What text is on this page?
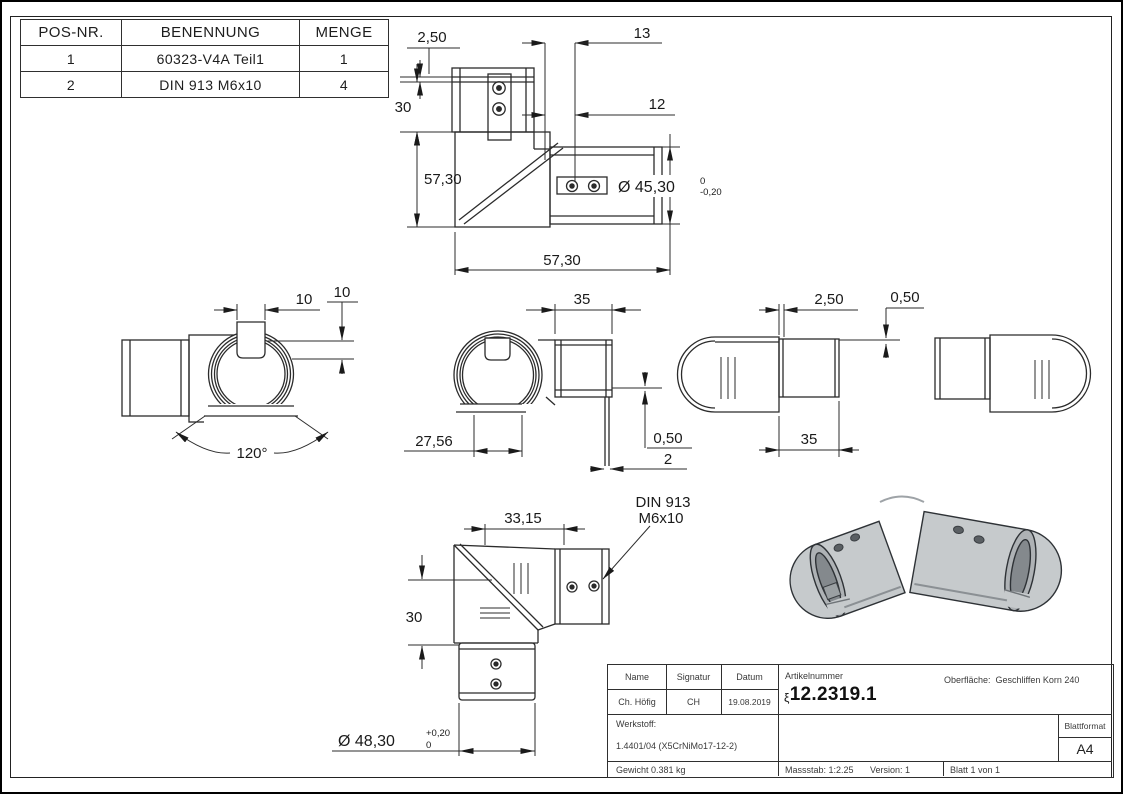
POS-NR.	BENENNUNG	MENGE
1	60323-V4A Teil1	1
2	DIN 913 M6x10	4
2,50	13
30	12
57,30	Ø 45,30	0
-0,20
57,30
10 10
120°
35
27,56	0,50
2
2,50	0,50
35
33,15
30
Ø 48,30	+0,20
0
DIN 913
M6x10
Name	Signatur	Datum
Ch. Höfig	CH	19.08.2019
Artikelnummer
ξ12.2319.1
Oberfläche: Geschliffen Korn 240
Werkstoff:
1.4401/04 (X5CrNiMo17-12-2)
Blattformat
A4
Gewicht 0.381 kg	Massstab: 1:2.25 Version: 1	Blatt 1 von 1
